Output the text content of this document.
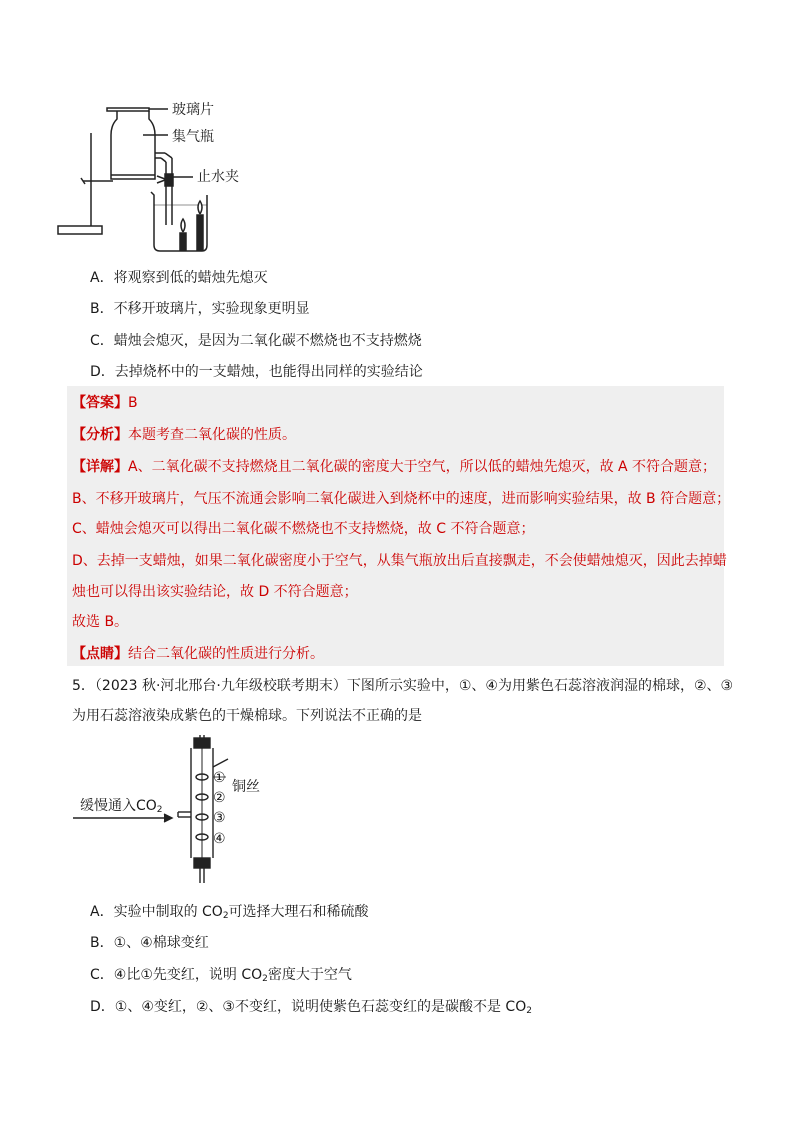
玻璃片
集气瓶
止水夹
A．将观察到低的蜡烛先熄灭
B．不移开玻璃片，实验现象更明显
C．蜡烛会熄灭，是因为二氧化碳不燃烧也不支持燃烧
D．去掉烧杯中的一支蜡烛，也能得出同样的实验结论
【答案】B
【分析】本题考查二氧化碳的性质。
【详解】A、二氧化碳不支持燃烧且二氧化碳的密度大于空气，所以低的蜡烛先熄灭，故 A 不符合题意；
B、不移开玻璃片，气压不流通会影响二氧化碳进入到烧杯中的速度，进而影响实验结果，故 B 符合题意；
C、蜡烛会熄灭可以得出二氧化碳不燃烧也不支持燃烧，故 C 不符合题意；
D、去掉一支蜡烛，如果二氧化碳密度小于空气，从集气瓶放出后直接飘走，不会使蜡烛熄灭，因此去掉蜡
烛也可以得出该实验结论，故 D 不符合题意；
故选 B。
【点睛】结合二氧化碳的性质进行分析。
5．（2023 秋·河北邢台·九年级校联考期末）下图所示实验中，①、④为用紫色石蕊溶液润湿的棉球，②、③
为用石蕊溶液染成紫色的干燥棉球。下列说法不正确的是
缓慢通入$CO_2$
铜丝
①
②
③
④
A．实验中制取的 $CO_2$可选择大理石和稀硫酸
B．①、④棉球变红
C．④比①先变红，说明 $CO_2$密度大于空气
D．①、④变红，②、③不变红，说明使紫色石蕊变红的是碳酸不是 $CO_2$
